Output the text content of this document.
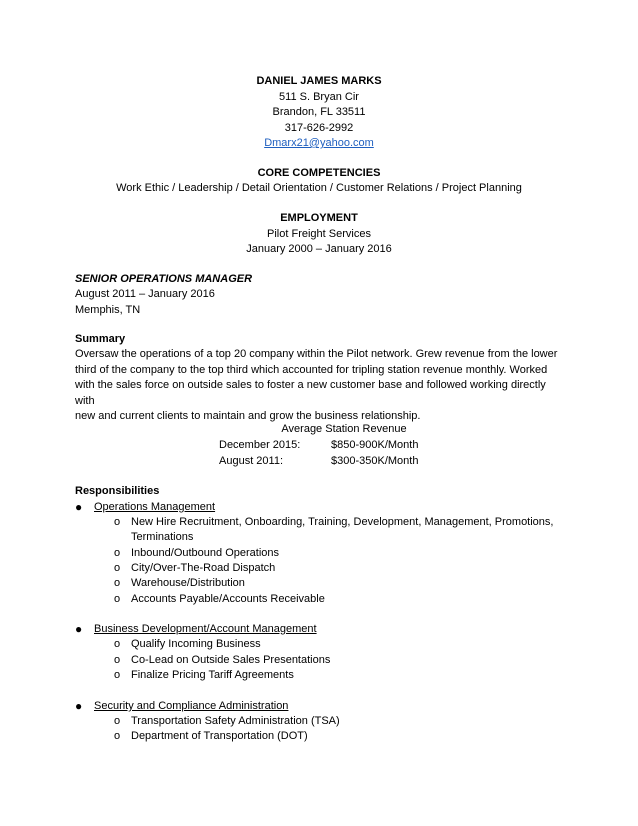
DANIEL JAMES MARKS
511 S. Bryan Cir
Brandon, FL 33511
317-626-2992
Dmarx21@yahoo.com
CORE COMPETENCIES
Work Ethic / Leadership / Detail Orientation / Customer Relations / Project Planning
EMPLOYMENT
Pilot Freight Services
January 2000 – January 2016
SENIOR OPERATIONS MANAGER
August 2011 – January 2016
Memphis, TN
Summary
Oversaw the operations of a top 20 company within the Pilot network. Grew revenue from the lower
third of the company to the top third which accounted for tripling station revenue monthly. Worked
with the sales force on outside sales to foster a new customer base and followed working directly with
new and current clients to maintain and grow the business relationship.
Average Station Revenue
December 2015:	$850-900K/Month
August 2011:	$300-350K/Month
Responsibilities
● Operations Management
o New Hire Recruitment, Onboarding, Training, Development, Management, Promotions,
Terminations
o Inbound/Outbound Operations
o City/Over-The-Road Dispatch
o Warehouse/Distribution
o Accounts Payable/Accounts Receivable
● Business Development/Account Management
o Qualify Incoming Business
o Co-Lead on Outside Sales Presentations
o Finalize Pricing Tariff Agreements
● Security and Compliance Administration
o Transportation Safety Administration (TSA)
o Department of Transportation (DOT)
